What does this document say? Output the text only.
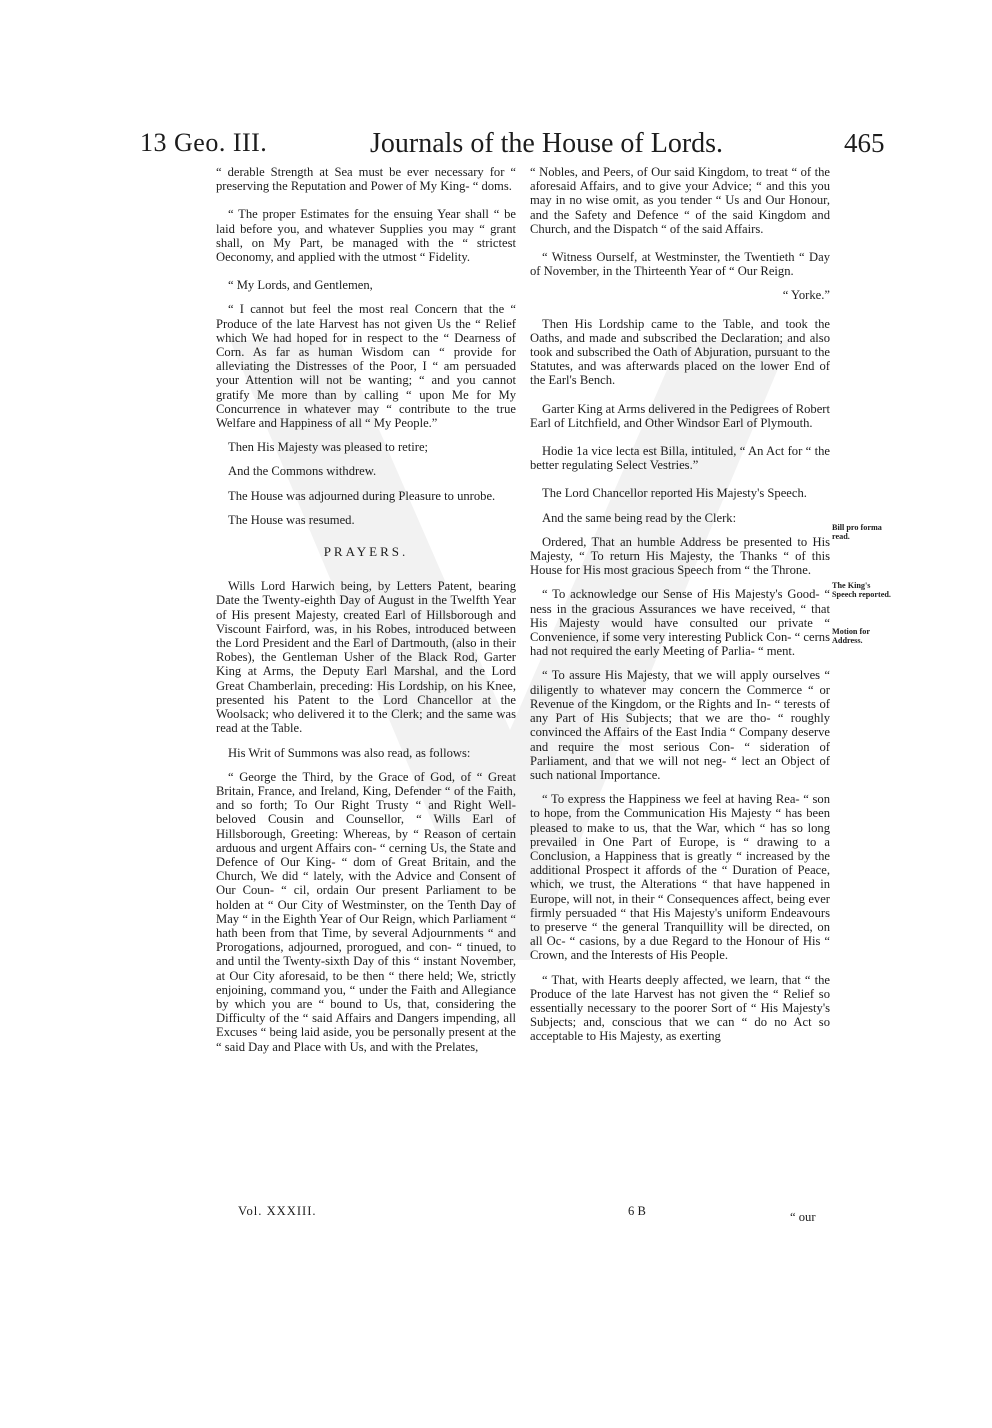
13 Geo. III.	Journals of the House of Lords.	465

“ derable Strength at Sea must be ever necessary for “ preserving the Reputation and Power of My King- “ doms.

“ The proper Estimates for the ensuing Year shall “ be laid before you, and whatever Supplies you may “ grant shall, on My Part, be managed with the “ strictest Oeconomy, and applied with the utmost “ Fidelity.

“ My Lords, and Gentlemen,

“ I cannot but feel the most real Concern that the “ Produce of the late Harvest has not given Us the “ Relief which We had hoped for in respect to the “ Dearness of Corn. As far as human Wisdom can “ provide for alleviating the Distresses of the Poor, I “ am persuaded your Attention will not be wanting; “ and you cannot gratify Me more than by calling “ upon Me for My Concurrence in whatever may “ contribute to the true Welfare and Happiness of all “ My People.”

Then His Majesty was pleased to retire;

And the Commons withdrew.

The House was adjourned during Pleasure to unrobe.

The House was resumed.

PRAYERS.

Wills Lord Harwich being, by Letters Patent, bearing Date the Twenty-eighth Day of August in the Twelfth Year of His present Majesty, created Earl of Hillsborough and Viscount Fairford, was, in his Robes, introduced between the Lord President and the Earl of Dartmouth, (also in their Robes), the Gentleman Usher of the Black Rod, Garter King at Arms, the Deputy Earl Marshal, and the Lord Great Chamberlain, preceding: His Lordship, on his Knee, presented his Patent to the Lord Chancellor at the Woolsack; who delivered it to the Clerk; and the same was read at the Table.

His Writ of Summons was also read, as follows:

“ George the Third, by the Grace of God, of “ Great Britain, France, and Ireland, King, Defender “ of the Faith, and so forth; To Our Right Trusty “ and Right Well-beloved Cousin and Counsellor, “ Wills Earl of Hillsborough, Greeting: Whereas, by “ Reason of certain arduous and urgent Affairs con- “ cerning Us, the State and Defence of Our King- “ dom of Great Britain, and the Church, We did “ lately, with the Advice and Consent of Our Coun- “ cil, ordain Our present Parliament to be holden at “ Our City of Westminster, on the Tenth Day of May “ in the Eighth Year of Our Reign, which Parliament “ hath been from that Time, by several Adjournments “ and Prorogations, adjourned, prorogued, and con- “ tinued, to and until the Twenty-sixth Day of this “ instant November, at Our City aforesaid, to be then “ there held; We, strictly enjoining, command you, “ under the Faith and Allegiance by which you are “ bound to Us, that, considering the Difficulty of the “ said Affairs and Dangers impending, all Excuses “ being laid aside, you be personally present at the “ said Day and Place with Us, and with the Prelates,

“ Nobles, and Peers, of Our said Kingdom, to treat “ of the aforesaid Affairs, and to give your Advice; “ and this you may in no wise omit, as you tender “ Us and Our Honour, and the Safety and Defence “ of the said Kingdom and Church, and the Dispatch “ of the said Affairs.

“ Witness Ourself, at Westminster, the Twentieth “ Day of November, in the Thirteenth Year of “ Our Reign.

“ Yorke.”

Then His Lordship came to the Table, and took the Oaths, and made and subscribed the Declaration; and also took and subscribed the Oath of Abjuration, pursuant to the Statutes, and was afterwards placed on the lower End of the Earl's Bench.

Garter King at Arms delivered in the Pedigrees of Robert Earl of Litchfield, and Other Windsor Earl of Plymouth.

Hodie 1a vice lecta est Billa, intituled, “ An Act for “ the better regulating Select Vestries.”

The Lord Chancellor reported His Majesty's Speech.

And the same being read by the Clerk:

Ordered, That an humble Address be presented to His Majesty, “ To return His Majesty, the Thanks “ of this House for His most gracious Speech from “ the Throne.

“ To acknowledge our Sense of His Majesty's Good- “ ness in the gracious Assurances we have received, “ that His Majesty would have consulted our private “ Convenience, if some very interesting Publick Con- “ cerns had not required the early Meeting of Parlia- “ ment.

“ To assure His Majesty, that we will apply ourselves “ diligently to whatever may concern the Commerce “ or Revenue of the Kingdom, or the Rights and In- “ terests of any Part of His Subjects; that we are tho- “ roughly convinced the Affairs of the East India “ Company deserve and require the most serious Con- “ sideration of Parliament, and that we will not neg- “ lect an Object of such national Importance.

“ To express the Happiness we feel at having Rea- “ son to hope, from the Communication His Majesty “ has been pleased to make to us, that the War, which “ has so long prevailed in One Part of Europe, is “ drawing to a Conclusion, a Happiness that is greatly “ increased by the additional Prospect it affords of the “ Duration of Peace, which, we trust, the Alterations “ that have happened in Europe, will not, in their “ Consequences affect, being ever firmly persuaded “ that His Majesty's uniform Endeavours to preserve “ the general Tranquillity will be directed, on all Oc- “ casions, by a due Regard to the Honour of His “ Crown, and the Interests of His People.

“ That, with Hearts deeply affected, we learn, that “ the Produce of the late Harvest has not given the “ Relief so essentially necessary to the poorer Sort of “ His Majesty's Subjects; and, conscious that we can “ do no Act so acceptable to His Majesty, as exerting

Bill pro forma read.
The King's Speech reported.
Motion for Address.
Vol. XXXIII.	6 B	“ our
